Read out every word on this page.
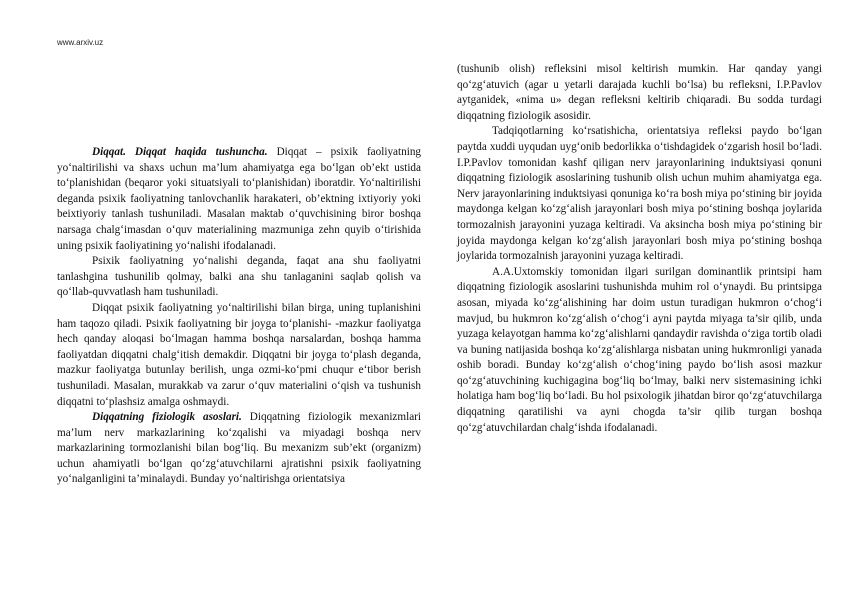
www.arxiv.uz

Diqqat. Diqqat haqida tushuncha. Diqqat – psixik faoliyatning yo‘naltirilishi va shaxs uchun ma’lum ahamiyatga ega bo‘lgan ob’ekt ustida to‘planishidan (beqaror yoki situatsiyali to‘planishidan) iboratdir. Yo‘naltirilishi deganda psixik faoliyatning tanlovchanlik harakateri, ob’ektning ixtiyoriy yoki beixtiyoriy tanlash tushuniladi. Masalan maktab o‘quvchisining biror boshqa narsaga chalg‘imasdan o‘quv materialining mazmuniga zehn quyib o‘tirishida uning psixik faoliyatining yo‘nalishi ifodalanadi.

Psixik faoliyatning yo‘nalishi deganda, faqat ana shu faoliyatni tanlashgina tushunilib qolmay, balki ana shu tanlaganini saqlab qolish va qo‘llab-quvvatlash ham tushuniladi.

Diqqat psixik faoliyatning yo‘naltirilishi bilan birga, uning tuplanishini ham taqozo qiladi. Psixik faoliyatning bir joyga to‘planishi- -mazkur faoliyatga hech qanday aloqasi bo‘lmagan hamma boshqa narsalardan, boshqa hamma faoliyatdan diqqatni chalg‘itish demakdir. Diqqatni bir joyga to‘plash deganda, mazkur faoliyatga butunlay berilish, unga ozmi-ko‘pmi chuqur e‘tibor berish tushuniladi. Masalan, murakkab va zarur o‘quv materialini o‘qish va tushunish diqqatni to‘plashsiz amalga oshmaydi.

Diqqatning fiziologik asoslari. Diqqatning fiziologik mexanizmlari ma’lum nerv markazlarining ko‘zqalishi va miyadagi boshqa nerv markazlarining tormozlanishi bilan bog‘liq. Bu mexanizm sub’ekt (organizm) uchun ahamiyatli bo‘lgan qo‘zg‘atuvchilarni ajratishni psixik faoliyatning yo‘nalganligini ta’minalaydi. Bunday yo‘naltirishga orientatsiya

(tushunib olish) refleksini misol keltirish mumkin. Har qanday yangi qo‘zg‘atuvich (agar u yetarli darajada kuchli bo‘lsa) bu refleksni, I.P.Pavlov aytganidek, «nima u» degan refleksni keltirib chiqaradi. Bu sodda turdagi diqqatning fiziologik asosidir.

Tadqiqotlarning ko‘rsatishicha, orientatsiya refleksi paydo bo‘lgan paytda xuddi uyqudan uyg‘onib bedorlikka o‘tishdagidek o‘zgarish hosil bo‘ladi. I.P.Pavlov tomonidan kashf qiligan nerv jarayonlarining induktsiyasi qonuni diqqatning fiziologik asoslarining tushunib olish uchun muhim ahamiyatga ega. Nerv jarayonlarining induktsiyasi qonuniga ko‘ra bosh miya po‘stining bir joyida maydonga kelgan ko‘zg‘alish jarayonlari bosh miya po‘stining boshqa joylarida tormozalnish jarayonini yuzaga keltiradi. Va aksincha bosh miya po‘stining bir joyida maydonga kelgan ko‘zg‘alish jarayonlari bosh miya po‘stining boshqa joylarida tormozalnish jarayonini yuzaga keltiradi.

A.A.Uxtomskiy tomonidan ilgari surilgan dominantlik printsipi ham diqqatning fiziologik asoslarini tushunishda muhim rol o‘ynaydi. Bu printsipga asosan, miyada ko‘zg‘alishining har doim ustun turadigan hukmron o‘chog‘i mavjud, bu hukmron ko‘zg‘alish o‘chog‘i ayni paytda miyaga ta’sir qilib, unda yuzaga kelayotgan hamma ko‘zg‘alishlarni qandaydir ravishda o‘ziga tortib oladi va buning natijasida boshqa ko‘zg‘alishlarga nisbatan uning hukmronligi yanada oshib boradi. Bunday ko‘zg‘alish o‘chog‘ining paydo bo‘lish asosi mazkur qo‘zg‘atuvchining kuchigagina bog‘liq bo‘lmay, balki nerv sistemasining ichki holatiga ham bog‘liq bo‘ladi. Bu hol psixologik jihatdan biror qo‘zg‘atuvchilarga diqqatning qaratilishi va ayni chogda ta’sir qilib turgan boshqa qo‘zg‘atuvchilardan chalg‘ishda ifodalanadi.
